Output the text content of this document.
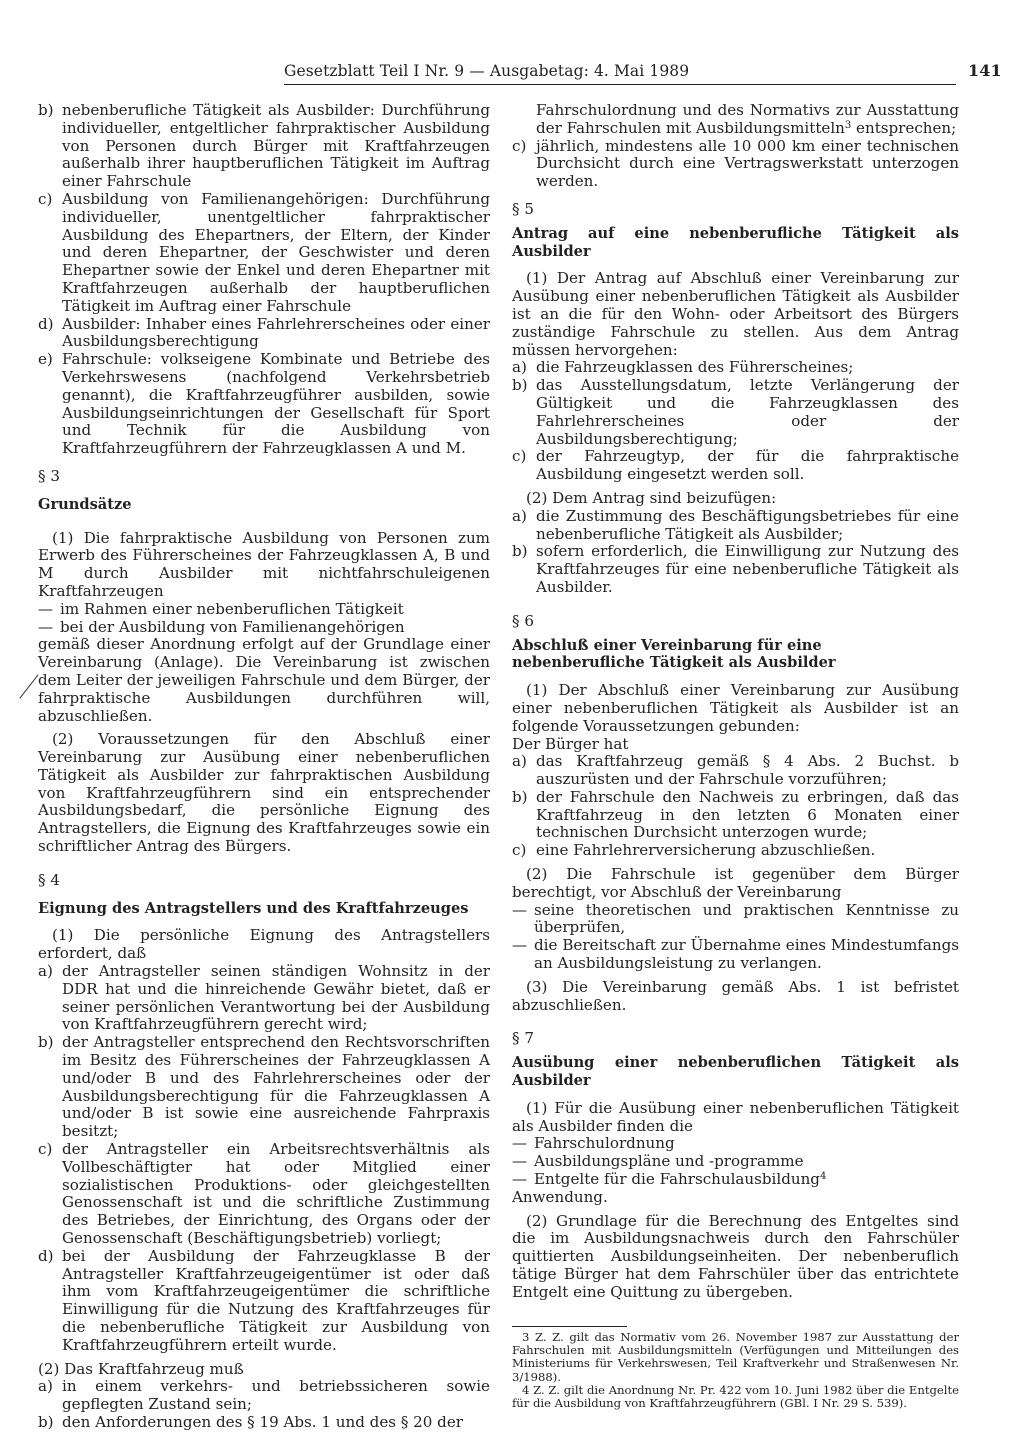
Gesetzblatt Teil I Nr. 9 — Ausgabetag: 4. Mai 1989	141
b) nebenberufliche Tätigkeit als Ausbilder: Durchführung individueller, entgeltlicher fahrpraktischer Ausbildung von Personen durch Bürger mit Kraftfahrzeugen außerhalb ihrer hauptberuflichen Tätigkeit im Auftrag einer Fahrschule
c) Ausbildung von Familienangehörigen: Durchführung individueller, unentgeltlicher fahrpraktischer Ausbildung des Ehepartners, der Eltern, der Kinder und deren Ehepartner, der Geschwister und deren Ehepartner sowie der Enkel und deren Ehepartner mit Kraftfahrzeugen außerhalb der hauptberuflichen Tätigkeit im Auftrag einer Fahrschule
d) Ausbilder: Inhaber eines Fahrlehrerscheines oder einer Ausbildungsberechtigung
e) Fahrschule: volkseigene Kombinate und Betriebe des Verkehrswesens (nachfolgend Verkehrsbetrieb genannt), die Kraftfahrzeugführer ausbilden, sowie Ausbildungseinrichtungen der Gesellschaft für Sport und Technik für die Ausbildung von Kraftfahrzeugführern der Fahrzeugklassen A und M.

§ 3

Grundsätze

(1) Die fahrpraktische Ausbildung von Personen zum Erwerb des Führerscheines der Fahrzeugklassen A, B und M durch Ausbilder mit nichtfahrschuleigenen Kraftfahrzeugen

— im Rahmen einer nebenberuflichen Tätigkeit
— bei der Ausbildung von Familienangehörigen

gemäß dieser Anordnung erfolgt auf der Grundlage einer Vereinbarung (Anlage). Die Vereinbarung ist zwischen dem Leiter der jeweiligen Fahrschule und dem Bürger, der fahrpraktische Ausbildungen durchführen will, abzuschließen.

(2) Voraussetzungen für den Abschluß einer Vereinbarung zur Ausübung einer nebenberuflichen Tätigkeit als Ausbilder zur fahrpraktischen Ausbildung von Kraftfahrzeugführern sind ein entsprechender Ausbildungsbedarf, die persönliche Eignung des Antragstellers, die Eignung des Kraftfahrzeuges sowie ein schriftlicher Antrag des Bürgers.

§ 4

Eignung des Antragstellers und des Kraftfahrzeuges

(1) Die persönliche Eignung des Antragstellers erfordert, daß

a) der Antragsteller seinen ständigen Wohnsitz in der DDR hat und die hinreichende Gewähr bietet, daß er seiner persönlichen Verantwortung bei der Ausbildung von Kraftfahrzeugführern gerecht wird;
b) der Antragsteller entsprechend den Rechtsvorschriften im Besitz des Führerscheines der Fahrzeugklassen A und/oder B und des Fahrlehrerscheines oder der Ausbildungsberechtigung für die Fahrzeugklassen A und/oder B ist sowie eine ausreichende Fahrpraxis besitzt;
c) der Antragsteller ein Arbeitsrechtsverhältnis als Vollbeschäftigter hat oder Mitglied einer sozialistischen Produktions- oder gleichgestellten Genossenschaft ist und die schriftliche Zustimmung des Betriebes, der Einrichtung, des Organs oder der Genossenschaft (Beschäftigungsbetrieb) vorliegt;
d) bei der Ausbildung der Fahrzeugklasse B der Antragsteller Kraftfahrzeugeigentümer ist oder daß ihm vom Kraftfahrzeugeigentümer die schriftliche Einwilligung für die Nutzung des Kraftfahrzeuges für die nebenberufliche Tätigkeit zur Ausbildung von Kraftfahrzeugführern erteilt wurde.

(2) Das Kraftfahrzeug muß

a) in einem verkehrs- und betriebssicheren sowie gepflegten Zustand sein;
b) den Anforderungen des § 19 Abs. 1 und des § 20 der
Fahrschulordnung und des Normativs zur Ausstattung der Fahrschulen mit Ausbildungsmitteln$^3$ entsprechen;
c) jährlich, mindestens alle 10 000 km einer technischen Durchsicht durch eine Vertragswerkstatt unterzogen werden.

§ 5

Antrag auf eine nebenberufliche Tätigkeit als Ausbilder

(1) Der Antrag auf Abschluß einer Vereinbarung zur Ausübung einer nebenberuflichen Tätigkeit als Ausbilder ist an die für den Wohn- oder Arbeitsort des Bürgers zuständige Fahrschule zu stellen. Aus dem Antrag müssen hervorgehen:

a) die Fahrzeugklassen des Führerscheines;
b) das Ausstellungsdatum, letzte Verlängerung der Gültigkeit und die Fahrzeugklassen des Fahrlehrerscheines oder der Ausbildungsberechtigung;
c) der Fahrzeugtyp, der für die fahrpraktische Ausbildung eingesetzt werden soll.

(2) Dem Antrag sind beizufügen:

a) die Zustimmung des Beschäftigungsbetriebes für eine nebenberufliche Tätigkeit als Ausbilder;
b) sofern erforderlich, die Einwilligung zur Nutzung des Kraftfahrzeuges für eine nebenberufliche Tätigkeit als Ausbilder.

§ 6

Abschluß einer Vereinbarung für eine

nebenberufliche Tätigkeit als Ausbilder

(1) Der Abschluß einer Vereinbarung zur Ausübung einer nebenberuflichen Tätigkeit als Ausbilder ist an folgende Voraussetzungen gebunden:

Der Bürger hat

a) das Kraftfahrzeug gemäß § 4 Abs. 2 Buchst. b auszurüsten und der Fahrschule vorzuführen;
b) der Fahrschule den Nachweis zu erbringen, daß das Kraftfahrzeug in den letzten 6 Monaten einer technischen Durchsicht unterzogen wurde;
c) eine Fahrlehrerversicherung abzuschließen.

(2) Die Fahrschule ist gegenüber dem Bürger berechtigt, vor Abschluß der Vereinbarung

— seine theoretischen und praktischen Kenntnisse zu überprüfen,
— die Bereitschaft zur Übernahme eines Mindestumfangs an Ausbildungsleistung zu verlangen.

(3) Die Vereinbarung gemäß Abs. 1 ist befristet abzuschließen.

§ 7

Ausübung einer nebenberuflichen Tätigkeit als Ausbilder

(1) Für die Ausübung einer nebenberuflichen Tätigkeit als Ausbilder finden die

— Fahrschulordnung
— Ausbildungspläne und -programme
— Entgelte für die Fahrschulausbildung$^4$

Anwendung.

(2) Grundlage für die Berechnung des Entgeltes sind die im Ausbildungsnachweis durch den Fahrschüler quittierten Ausbildungseinheiten. Der nebenberuflich tätige Bürger hat dem Fahrschüler über das entrichtete Entgelt eine Quittung zu übergeben.

3 Z. Z. gilt das Normativ vom 26. November 1987 zur Ausstattung der Fahrschulen mit Ausbildungsmitteln (Verfügungen und Mitteilungen des Ministeriums für Verkehrswesen, Teil Kraftverkehr und Straßenwesen Nr. 3/1988).

4 Z. Z. gilt die Anordnung Nr. Pr. 422 vom 10. Juni 1982 über die Entgelte für die Ausbildung von Kraftfahrzeugführern (GBl. I Nr. 29 S. 539).
